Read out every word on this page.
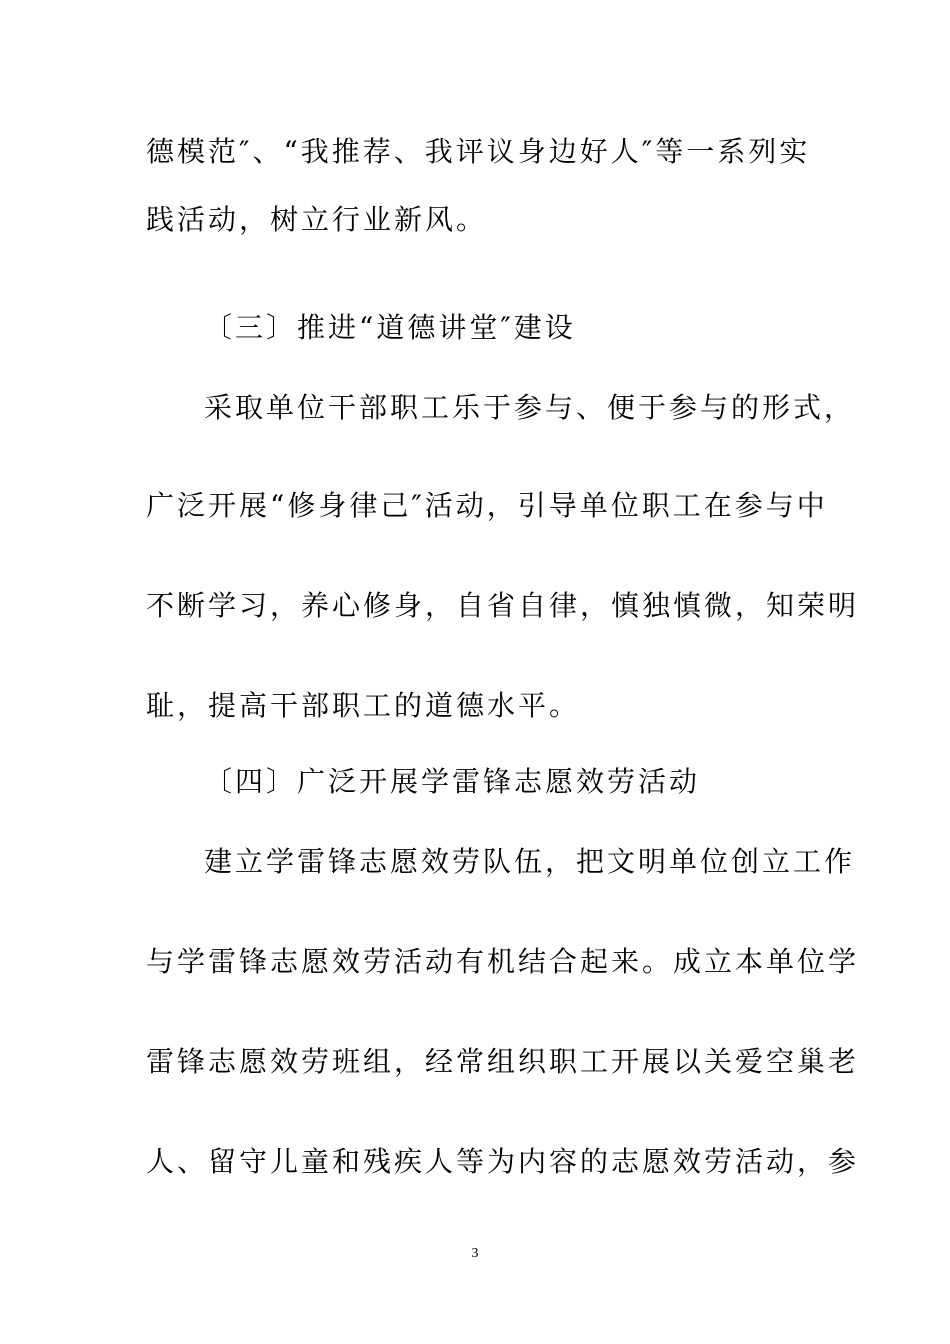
德模范″、“我推荐、我评议身边好人″等一系列实
践活动，树立行业新风。
〔三〕推进“道德讲堂″建设
采取单位干部职工乐于参与、便于参与的形式，
广泛开展“修身律己″活动，引导单位职工在参与中
不断学习，养心修身，自省自律，慎独慎微，知荣明
耻，提高干部职工的道德水平。
〔四〕广泛开展学雷锋志愿效劳活动
建立学雷锋志愿效劳队伍，把文明单位创立工作
与学雷锋志愿效劳活动有机结合起来。成立本单位学
雷锋志愿效劳班组，经常组织职工开展以关爱空巢老
人、留守儿童和残疾人等为内容的志愿效劳活动，参
3
